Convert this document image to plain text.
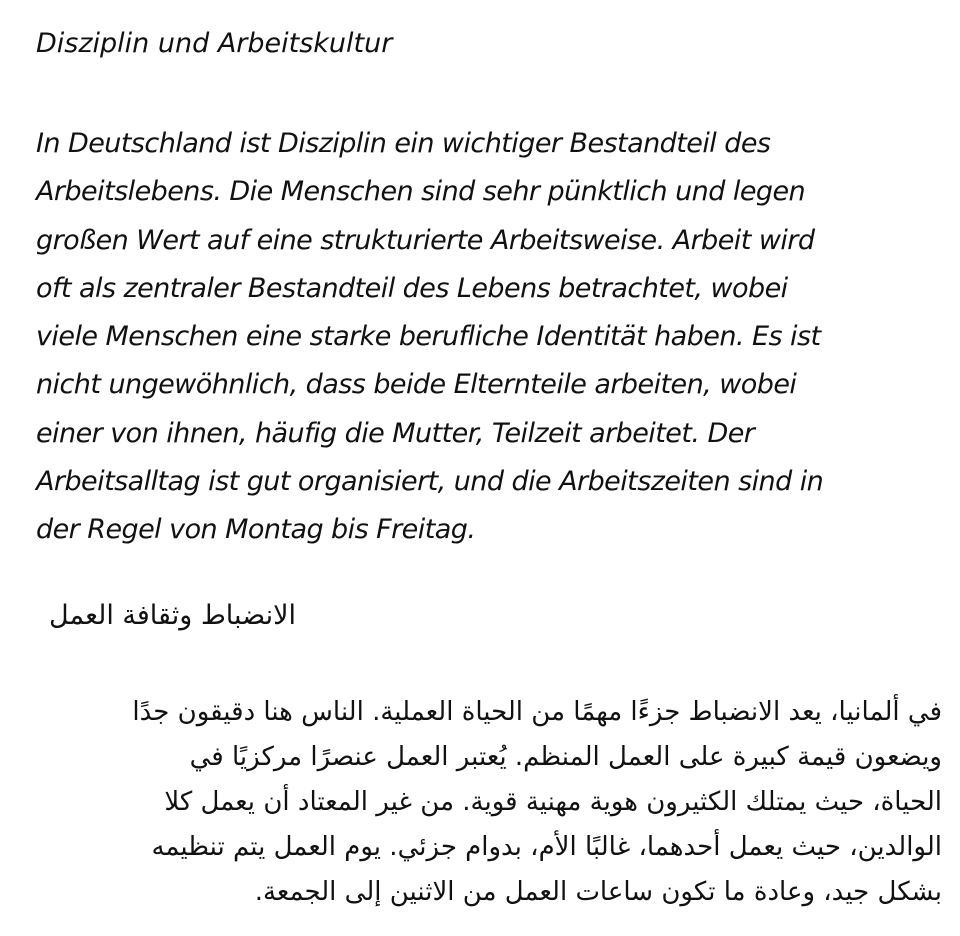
Disziplin und Arbeitskultur
In Deutschland ist Disziplin ein wichtiger Bestandteil des
Arbeitslebens. Die Menschen sind sehr pünktlich und legen
großen Wert auf eine strukturierte Arbeitsweise. Arbeit wird
oft als zentraler Bestandteil des Lebens betrachtet, wobei
viele Menschen eine starke berufliche Identität haben. Es ist
nicht ungewöhnlich, dass beide Elternteile arbeiten, wobei
einer von ihnen, häufig die Mutter, Teilzeit arbeitet. Der
Arbeitsalltag ist gut organisiert, und die Arbeitszeiten sind in
der Regel von Montag bis Freitag.
الانضباط وثقافة العمل
في ألمانيا، يعد الانضباط جزءًا مهمًا من الحياة العملية. الناس هنا دقيقون جدًا
ويضعون قيمة كبيرة على العمل المنظم. يُعتبر العمل عنصرًا مركزيًا في
الحياة، حيث يمتلك الكثيرون هوية مهنية قوية. من غير المعتاد أن يعمل كلا
الوالدين، حيث يعمل أحدهما، غالبًا الأم، بدوام جزئي. يوم العمل يتم تنظيمه
بشكل جيد، وعادة ما تكون ساعات العمل من الاثنين إلى الجمعة.
